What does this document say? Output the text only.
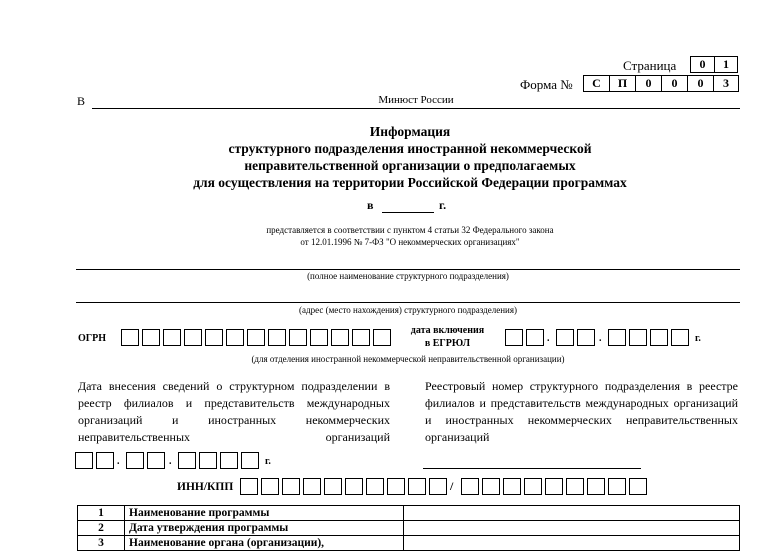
Страница	0	1
Форма №	С	П	0	0	0	3
В	Минюст России
Информация
структурного подразделения иностранной некоммерческой
неправительственной организации о предполагаемых
для осуществления на территории Российской Федерации программах
в	г.
представляется в соответствии с пунктом 4 статьи 32 Федерального закона
от 12.01.1996 № 7-ФЗ "О некоммерческих организациях"
(полное наименование структурного подразделения)
(адрес (место нахождения) структурного подразделения)
ОГРН
дата включения
в ЕГРЮЛ	.	.	г.
(для отделения иностранной некоммерческой неправительственной организации)
Дата внесения сведений о структурном подразделении в реестр филиалов и представительств международных организаций и иностранных некоммерческих неправительственных организаций
Реестровый номер структурного подразделения в реестре филиалов и представительств международных организаций и иностранных некоммерческих неправительственных организаций
.	.	г.
ИНН/КПП	/
1	Наименование программы	
2	Дата утверждения программы	
3	Наименование органа (организации),	
